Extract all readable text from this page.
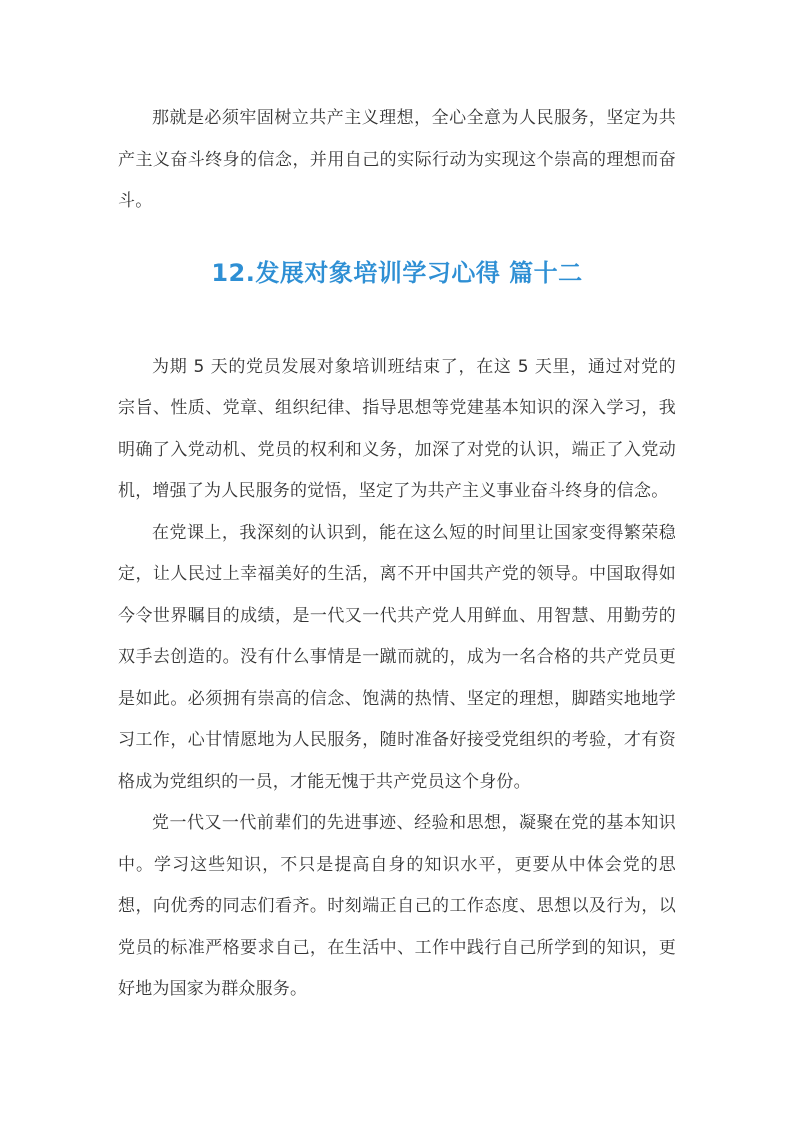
那就是必须牢固树立共产主义理想，全心全意为人民服务，坚定为共产主义奋斗终身的信念，并用自己的实际行动为实现这个崇高的理想而奋斗。

12.发展对象培训学习心得 篇十二

为期 5 天的党员发展对象培训班结束了，在这 5 天里，通过对党的宗旨、性质、党章、组织纪律、指导思想等党建基本知识的深入学习，我明确了入党动机、党员的权利和义务，加深了对党的认识，端正了入党动机，增强了为人民服务的觉悟，坚定了为共产主义事业奋斗终身的信念。

在党课上，我深刻的认识到，能在这么短的时间里让国家变得繁荣稳定，让人民过上幸福美好的生活，离不开中国共产党的领导。中国取得如今令世界瞩目的成绩，是一代又一代共产党人用鲜血、用智慧、用勤劳的双手去创造的。没有什么事情是一蹴而就的，成为一名合格的共产党员更是如此。必须拥有崇高的信念、饱满的热情、坚定的理想，脚踏实地地学习工作，心甘情愿地为人民服务，随时准备好接受党组织的考验，才有资格成为党组织的一员，才能无愧于共产党员这个身份。

党一代又一代前辈们的先进事迹、经验和思想，凝聚在党的基本知识中。学习这些知识，不只是提高自身的知识水平，更要从中体会党的思想，向优秀的同志们看齐。时刻端正自己的工作态度、思想以及行为，以党员的标准严格要求自己，在生活中、工作中践行自己所学到的知识，更好地为国家为群众服务。
